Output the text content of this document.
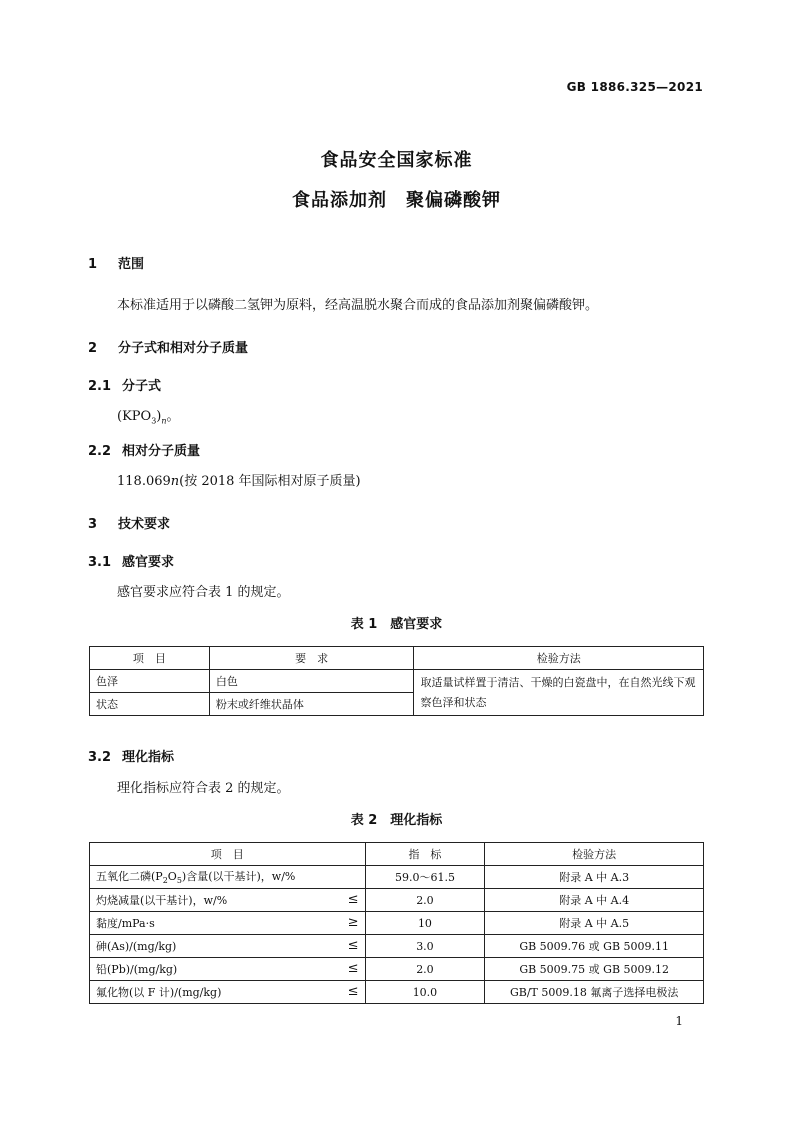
GB 1886.325—2021
食品安全国家标准
食品添加剂　聚偏磷酸钾
1 范围
本标准适用于以磷酸二氢钾为原料，经高温脱水聚合而成的食品添加剂聚偏磷酸钾。
2 分子式和相对分子质量
2.1 分子式
$(KPO_3)_n$。
2.2 相对分子质量
118.069n(按 2018 年国际相对原子质量)
3 技术要求
3.1 感官要求
感官要求应符合表 1 的规定。
表 1　感官要求
项　目	要　求	检验方法
色泽	白色	取适量试样置于清洁、干燥的白瓷盘中，在自然光线下观察色泽和状态
状态	粉末或纤维状晶体	
3.2 理化指标
理化指标应符合表 2 的规定。
表 2　理化指标
项　目	指　标	检验方法
五氧化二磷$(P_2O_5)$含量(以干基计)，w/%	59.0～61.5	附录 A 中 A.3
灼烧减量(以干基计)，w/% ≤	2.0	附录 A 中 A.4
黏度/mPa·s ≥	10	附录 A 中 A.5
砷(As)/(mg/kg) ≤	3.0	GB 5009.76 或 GB 5009.11
铅(Pb)/(mg/kg) ≤	2.0	GB 5009.75 或 GB 5009.12
氟化物(以 F 计)/(mg/kg) ≤	10.0	GB/T 5009.18 氟离子选择电极法
1
